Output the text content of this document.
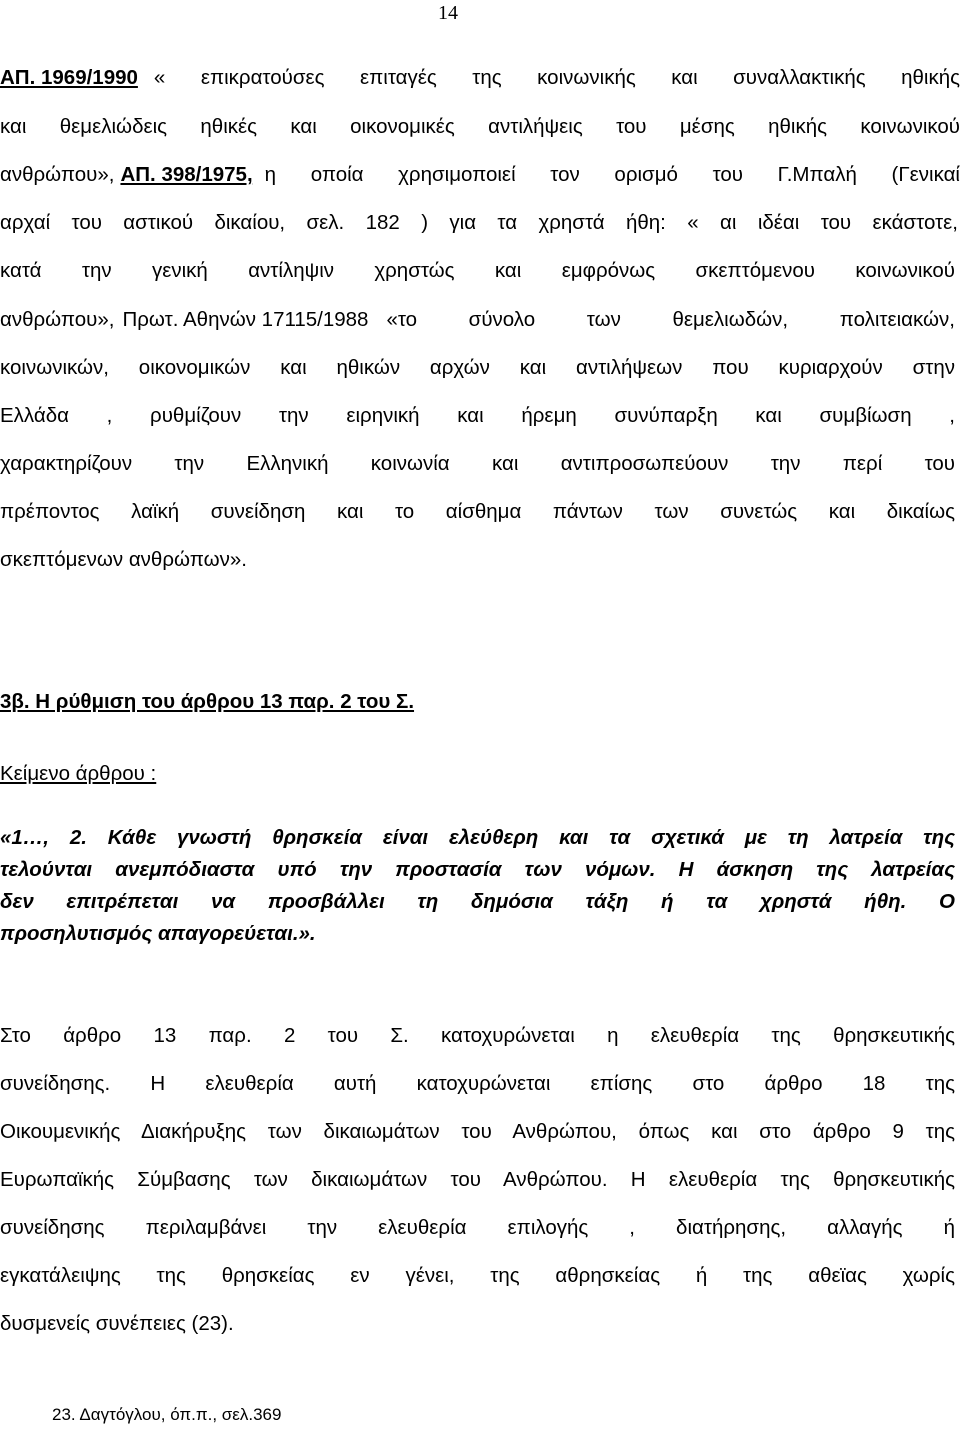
14
ΑΠ. 1969/1990 « επικρατούσες επιταγές της κοινωνικής και συναλλακτικής ηθικής
και θεμελιώδεις ηθικές και οικονομικές αντιλήψεις του μέσης ηθικής κοινωνικού
ανθρώπου», ΑΠ. 398/1975, η οποία χρησιμοποιεί τον ορισμό του Γ.Μπαλή (Γενικαί
αρχαί του αστικού δικαίου, σελ. 182 ) για τα χρηστά ήθη: « αι ιδέαι του εκάστοτε,
κατά την γενική αντίληψιν χρηστώς και εμφρόνως σκεπτόμενου κοινωνικού
ανθρώπου», Πρωτ. Αθηνών 17115/1988 «το σύνολο των θεμελιωδών, πολιτειακών,
κοινωνικών, οικονομικών και ηθικών αρχών και αντιλήψεων που κυριαρχούν στην
Ελλάδα , ρυθμίζουν την ειρηνική και ήρεμη συνύπαρξη και συμβίωση ,
χαρακτηρίζουν την Ελληνική κοινωνία και αντιπροσωπεύουν την περί του
πρέποντος λαϊκή συνείδηση και το αίσθημα πάντων των συνετώς και δικαίως
σκεπτόμενων ανθρώπων».
3β. Η ρύθμιση του άρθρου 13 παρ. 2 του Σ.
Κείμενο άρθρου :
«1…, 2. Κάθε γνωστή θρησκεία είναι ελεύθερη και τα σχετικά με τη λατρεία της
τελούνται ανεμπόδιαστα υπό την προστασία των νόμων. Η άσκηση της λατρείας
δεν επιτρέπεται να προσβάλλει τη δημόσια τάξη ή τα χρηστά ήθη. Ο
προσηλυτισμός απαγορεύεται.».
Στο άρθρο 13 παρ. 2 του Σ. κατοχυρώνεται η ελευθερία της θρησκευτικής
συνείδησης. Η ελευθερία αυτή κατοχυρώνεται επίσης στο άρθρο 18 της
Οικουμενικής Διακήρυξης των δικαιωμάτων του Ανθρώπου, όπως και στο άρθρο 9 της
Ευρωπαϊκής Σύμβασης των δικαιωμάτων του Ανθρώπου. Η ελευθερία της θρησκευτικής
συνείδησης περιλαμβάνει την ελευθερία επιλογής , διατήρησης, αλλαγής ή
εγκατάλειψης της θρησκείας εν γένει, της αθρησκείας ή της αθεϊας χωρίς
δυσμενείς συνέπειες (23).
23. Δαγτόγλου, όπ.π., σελ.369
